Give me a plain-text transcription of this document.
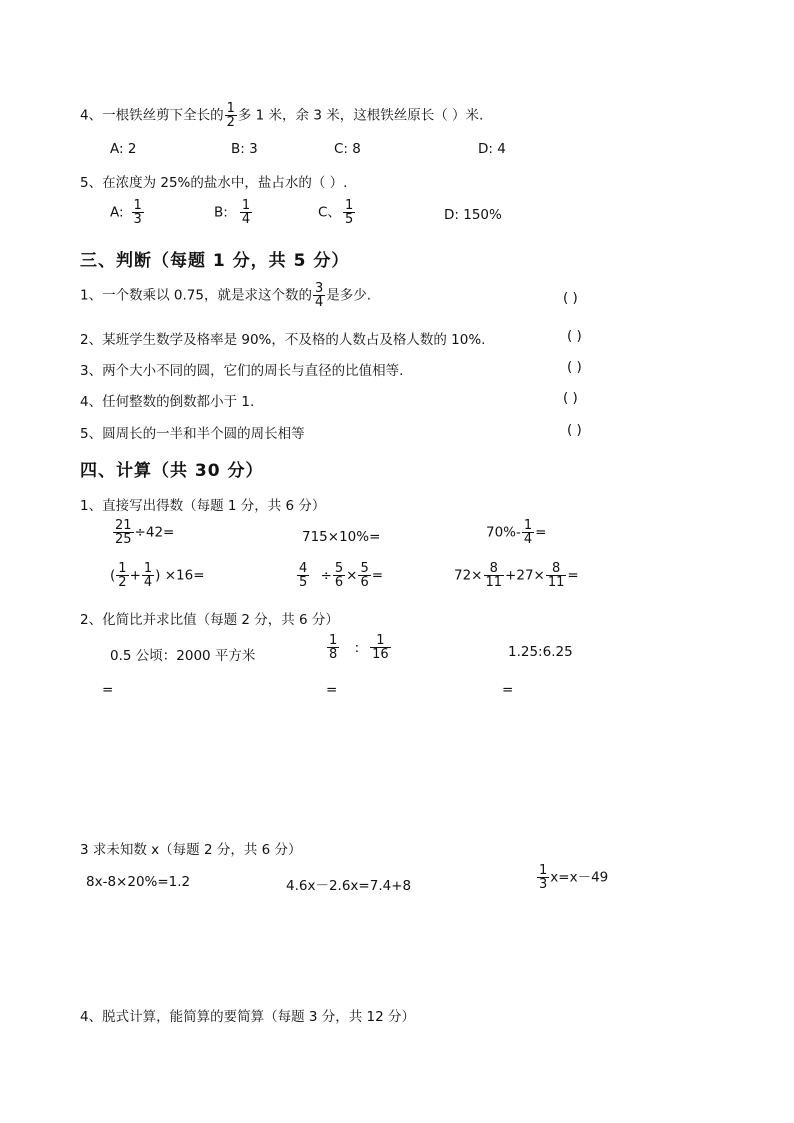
4、一根铁丝剪下全长的 $\frac{1}{2}$ 多 1 米，余 3 米，这根铁丝原长（ ）米.
A: 2	B: 3	C: 8	D: 4
5、在浓度为 25%的盐水中，盐占水的（ ）.
A: $\frac{1}{3}$	B: $\frac{1}{4}$	C、 $\frac{1}{5}$	D: 150%
三、判断（每题 1 分，共 5 分）
1、一个数乘以 0.75，就是求这个数的 $\frac{3}{4}$ 是多少.	( )
2、某班学生数学及格率是 90%，不及格的人数占及格人数的 10%.	( )
3、两个大小不同的圆，它们的周长与直径的比值相等.	( )
4、任何整数的倒数都小于 1.	( )
5、圆周长的一半和半个圆的周长相等	( )
四、计算（共 30 分）
1、直接写出得数（每题 1 分，共 6 分）
$\frac{21}{25} \div 42=$	715×10%=	$70\%- \frac{1}{4}$ =
( $\frac{1}{2} + \frac{1}{4}$ ) ×16=	$\frac{4}{5} \div \frac{5}{6} \times \frac{5}{6}$ =	$72\times \frac{8}{11} +27\times \frac{8}{11}$ =
2、化简比并求比值（每题 2 分，共 6 分）
0.5 公顷：2000 平方米	$\frac{1}{8}$ : $\frac{1}{16}$	1.25:6.25
=	=	=
3 求未知数 x（每题 2 分，共 6 分）
8x-8×20%=1.2	4.6x－2.6x=7.4+8	$\frac{1}{3} x=x-49$
4、脱式计算，能简算的要简算（每题 3 分，共 12 分）
